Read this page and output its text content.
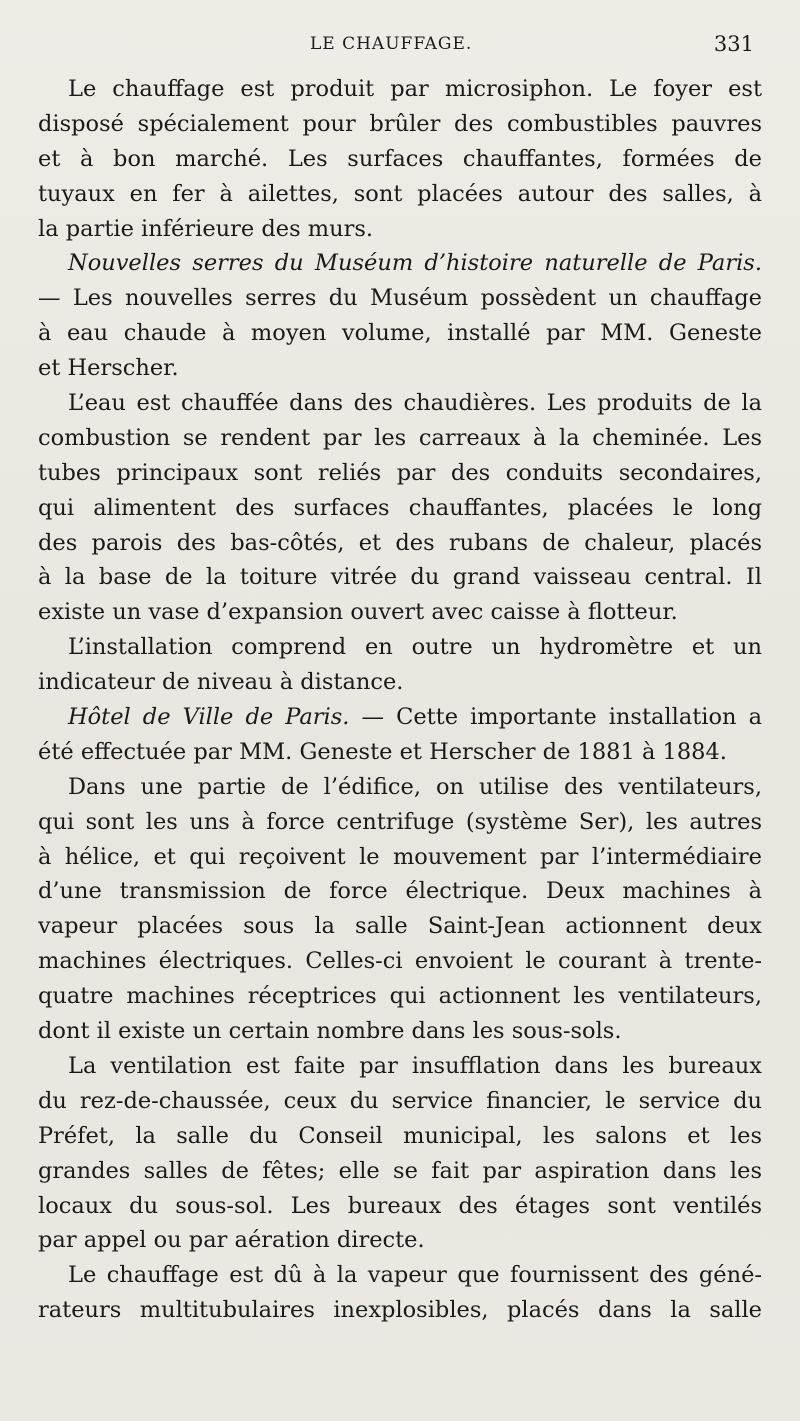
LE CHAUFFAGE.	331
Le chauffage est produit par microsiphon. Le foyer est
disposé spécialement pour brûler des combustibles pauvres
et à bon marché. Les surfaces chauffantes, formées de
tuyaux en fer à ailettes, sont placées autour des salles, à
la partie inférieure des murs.
Nouvelles serres du Muséum d’histoire naturelle de Paris.
— Les nouvelles serres du Muséum possèdent un chauffage
à eau chaude à moyen volume, installé par MM. Geneste
et Herscher.
L’eau est chauffée dans des chaudières. Les produits de la
combustion se rendent par les carreaux à la cheminée. Les
tubes principaux sont reliés par des conduits secondaires,
qui alimentent des surfaces chauffantes, placées le long
des parois des bas-côtés, et des rubans de chaleur, placés
à la base de la toiture vitrée du grand vaisseau central. Il
existe un vase d’expansion ouvert avec caisse à flotteur.
L’installation comprend en outre un hydromètre et un
indicateur de niveau à distance.
Hôtel de Ville de Paris. — Cette importante installation a
été effectuée par MM. Geneste et Herscher de 1881 à 1884.
Dans une partie de l’édifice, on utilise des ventilateurs,
qui sont les uns à force centrifuge (système Ser), les autres
à hélice, et qui reçoivent le mouvement par l’intermédiaire
d’une transmission de force électrique. Deux machines à
vapeur placées sous la salle Saint-Jean actionnent deux
machines électriques. Celles-ci envoient le courant à trente-
quatre machines réceptrices qui actionnent les ventilateurs,
dont il existe un certain nombre dans les sous-sols.
La ventilation est faite par insufflation dans les bureaux
du rez-de-chaussée, ceux du service financier, le service du
Préfet, la salle du Conseil municipal, les salons et les
grandes salles de fêtes; elle se fait par aspiration dans les
locaux du sous-sol. Les bureaux des étages sont ventilés
par appel ou par aération directe.
Le chauffage est dû à la vapeur que fournissent des géné-
rateurs multitubulaires inexplosibles, placés dans la salle
